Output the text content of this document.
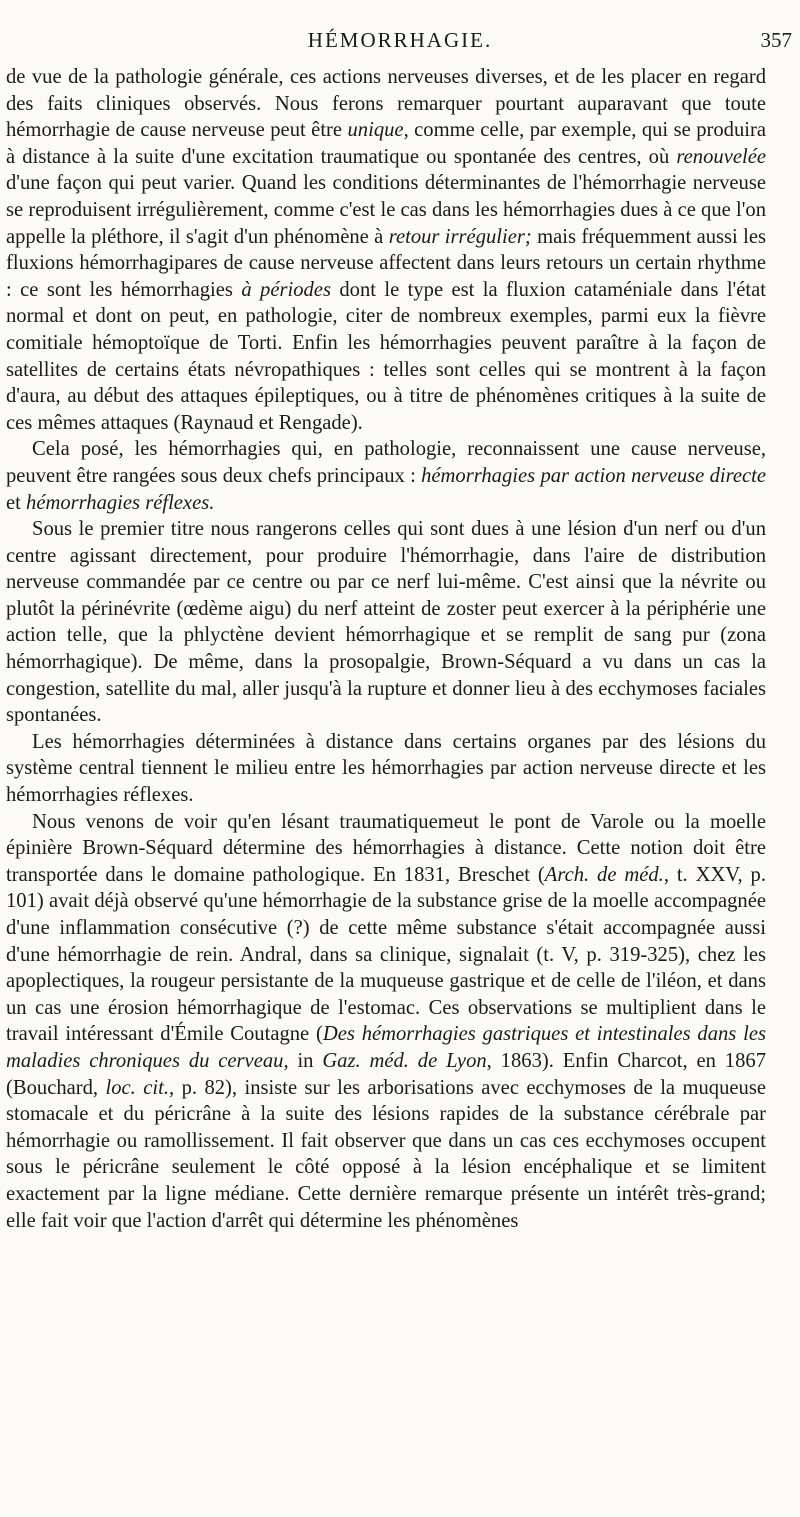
HÉMORRHAGIE.	357

de vue de la pathologie générale, ces actions nerveuses diverses, et de les placer en regard des faits cliniques observés. Nous ferons remarquer pourtant auparavant que toute hémorrhagie de cause nerveuse peut être unique, comme celle, par exemple, qui se produira à distance à la suite d'une excitation traumatique ou spontanée des centres, où renouvelée d'une façon qui peut varier. Quand les conditions déterminantes de l'hémorrhagie nerveuse se reproduisent irrégulièrement, comme c'est le cas dans les hémorrhagies dues à ce que l'on appelle la pléthore, il s'agit d'un phénomène à retour irrégulier; mais fréquemment aussi les fluxions hémorrhagipares de cause nerveuse affectent dans leurs retours un certain rhythme : ce sont les hémorrhagies à périodes dont le type est la fluxion cataméniale dans l'état normal et dont on peut, en pathologie, citer de nombreux exemples, parmi eux la fièvre comitiale hémoptoïque de Torti. Enfin les hémorrhagies peuvent paraître à la façon de satellites de certains états névropathiques : telles sont celles qui se montrent à la façon d'aura, au début des attaques épileptiques, ou à titre de phénomènes critiques à la suite de ces mêmes attaques (Raynaud et Rengade).

Cela posé, les hémorrhagies qui, en pathologie, reconnaissent une cause nerveuse, peuvent être rangées sous deux chefs principaux : hémorrhagies par action nerveuse directe et hémorrhagies réflexes.

Sous le premier titre nous rangerons celles qui sont dues à une lésion d'un nerf ou d'un centre agissant directement, pour produire l'hémorrhagie, dans l'aire de distribution nerveuse commandée par ce centre ou par ce nerf lui-même. C'est ainsi que la névrite ou plutôt la périnévrite (œdème aigu) du nerf atteint de zoster peut exercer à la périphérie une action telle, que la phlyctène devient hémorrhagique et se remplit de sang pur (zona hémorrhagique). De même, dans la prosopalgie, Brown-Séquard a vu dans un cas la congestion, satellite du mal, aller jusqu'à la rupture et donner lieu à des ecchymoses faciales spontanées.

Les hémorrhagies déterminées à distance dans certains organes par des lésions du système central tiennent le milieu entre les hémorrhagies par action nerveuse directe et les hémorrhagies réflexes.

Nous venons de voir qu'en lésant traumatiquemeut le pont de Varole ou la moelle épinière Brown-Séquard détermine des hémorrhagies à distance. Cette notion doit être transportée dans le domaine pathologique. En 1831, Breschet (Arch. de méd., t. XXV, p. 101) avait déjà observé qu'une hémorrhagie de la substance grise de la moelle accompagnée d'une inflammation consécutive (?) de cette même substance s'était accompagnée aussi d'une hémorrhagie de rein. Andral, dans sa clinique, signalait (t. V, p. 319-325), chez les apoplectiques, la rougeur persistante de la muqueuse gastrique et de celle de l'iléon, et dans un cas une érosion hémorrhagique de l'estomac. Ces observations se multiplient dans le travail intéressant d'Émile Coutagne (Des hémorrhagies gastriques et intestinales dans les maladies chroniques du cerveau, in Gaz. méd. de Lyon, 1863). Enfin Charcot, en 1867 (Bouchard, loc. cit., p. 82), insiste sur les arborisations avec ecchymoses de la muqueuse stomacale et du péricrâne à la suite des lésions rapides de la substance cérébrale par hémorrhagie ou ramollissement. Il fait observer que dans un cas ces ecchymoses occupent sous le péricrâne seulement le côté opposé à la lésion encéphalique et se limitent exactement par la ligne médiane. Cette dernière remarque présente un intérêt très-grand; elle fait voir que l'action d'arrêt qui détermine les phénomènes
